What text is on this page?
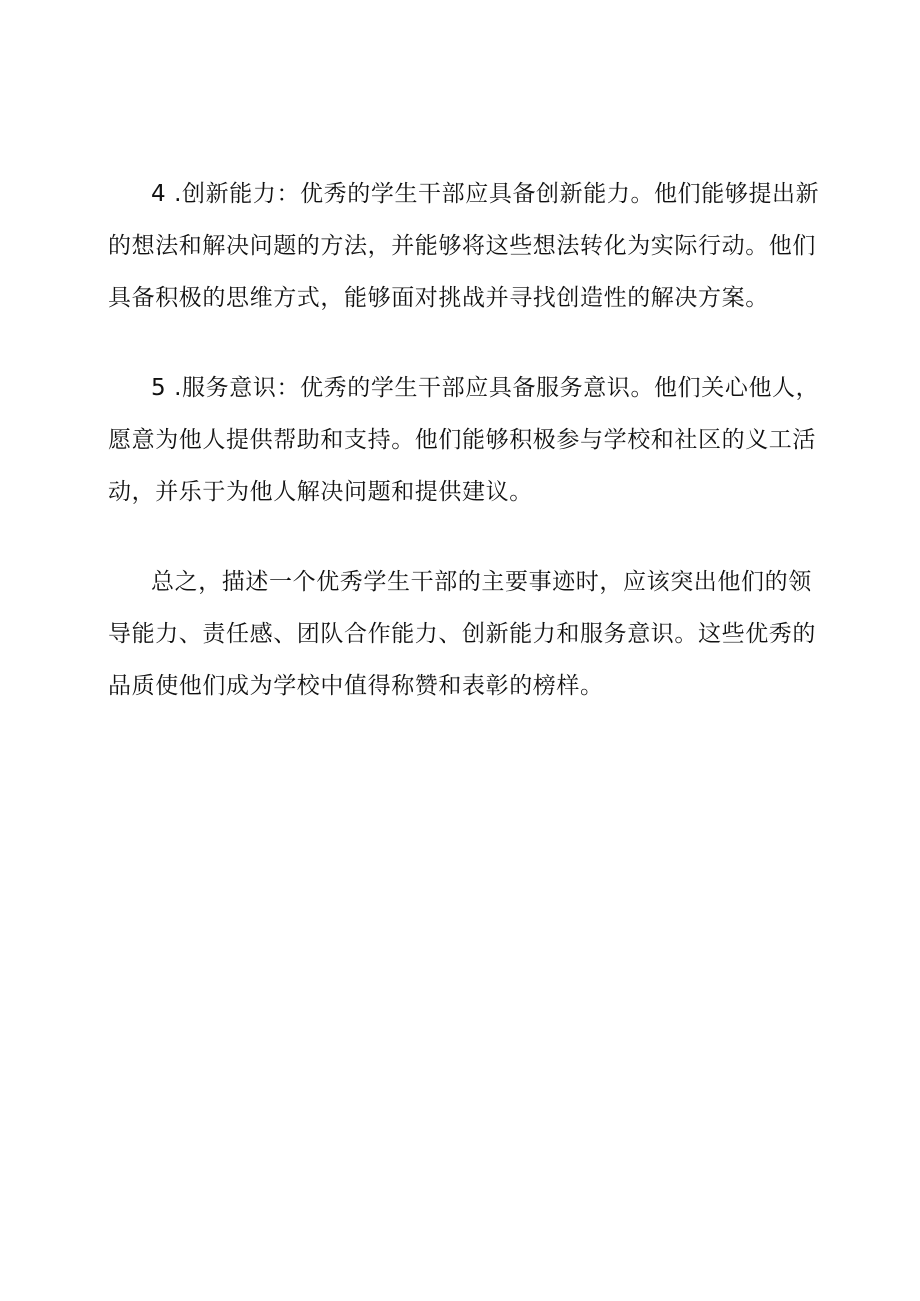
4 .创新能力：优秀的学生干部应具备创新能力。他们能够提出新
的想法和解决问题的方法，并能够将这些想法转化为实际行动。他们
具备积极的思维方式，能够面对挑战并寻找创造性的解决方案。

5 .服务意识：优秀的学生干部应具备服务意识。他们关心他人，
愿意为他人提供帮助和支持。他们能够积极参与学校和社区的义工活
动，并乐于为他人解决问题和提供建议。

总之，描述一个优秀学生干部的主要事迹时，应该突出他们的领
导能力、责任感、团队合作能力、创新能力和服务意识。这些优秀的
品质使他们成为学校中值得称赞和表彰的榜样。
